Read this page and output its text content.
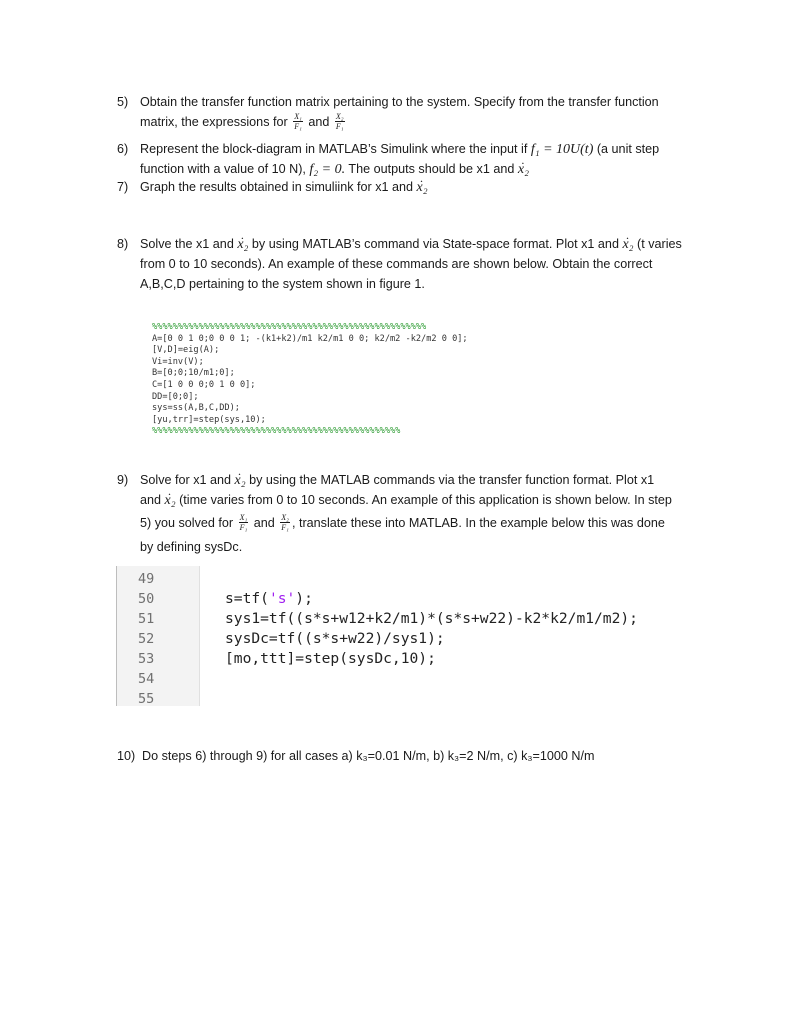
5) Obtain the transfer function matrix pertaining to the system. Specify from the transfer function
matrix, the expressions for $\frac{\text{X₁}}{\text{F₁}}$ and $\frac{\text{X₂}}{\text{F₁}}$
6) Represent the block-diagram in MATLAB’s Simulink where the input if f₁ = 10U(t) (a unit step
function with a value of 10 N), f₂ = 0. The outputs should be x1 and x₂ ·
7) Graph the results obtained in simuliink for x1 and x₂ ·
8) Solve the x1 and x₂ · by using MATLAB’s command via State-space format. Plot x1 and x₂ · (t varies
from 0 to 10 seconds). An example of these commands are shown below. Obtain the correct
A,B,C,D pertaining to the system shown in figure 1.
%%%%%%%%%%%%%%%%%%%%%%%%%%%%%%%%%%%%%%%%%%%%%%%%%%%%%
A=[0 0 1 0;0 0 0 1; -(k1+k2)/m1 k2/m1 0 0; k2/m2 -k2/m2 0 0];
[V,D]=eig(A);
Vi=inv(V);
B=[0;0;10/m1;0];
C=[1 0 0 0;0 1 0 0];
DD=[0;0];
sys=ss(A,B,C,DD);
[yu,trr]=step(sys,10);
%%%%%%%%%%%%%%%%%%%%%%%%%%%%%%%%%%%%%%%%%%%%%%%%
9) Solve for x1 and x₂ · by using the MATLAB commands via the transfer function format. Plot x1
and x₂ · (time varies from 0 to 10 seconds. An example of this application is shown below. In step
5) you solved for $\frac{\text{X₁}}{\text{F₁}}$ and $\frac{\text{X₂}}{\text{F₁}}$ , translate these into MATLAB. In the example below this was done
by defining sysDc.
49
50
51
52
53
54
55
s=tf('s');
sys1=tf((s*s+w12+k2/m1)*(s*s+w22)-k2*k2/m1/m2);
sysDc=tf((s*s+w22)/sys1);
[mo,ttt]=step(sysDc,10);
10) Do steps 6) through 9) for all cases a) k₃=0.01 N/m, b) k₃=2 N/m, c) k₃=1000 N/m
